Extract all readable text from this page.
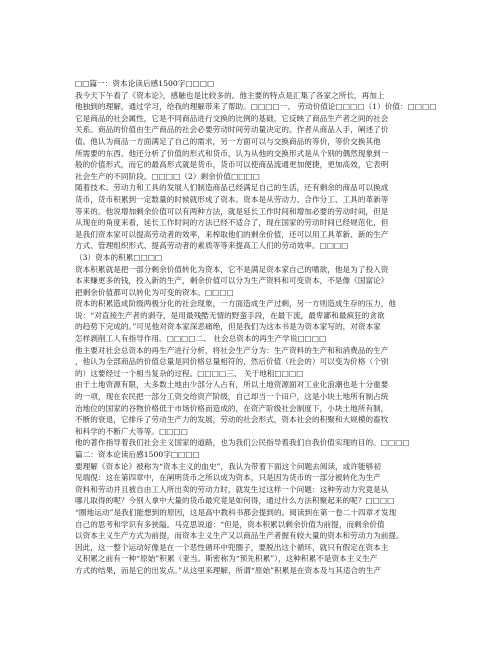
□□篇一：资本论读后感1500字□□□□
我今天下午看了《资本论》，感触也是比较多的。他主要的特点是汇集了各家之所长，再加上
他独到的理解，通过学习，给我的理解带来了帮助。□□□□一、 劳动价值论□□□□（1）价值：□□□□
它是商品的社会属性，它是不同商品进行交换的比例的基础，它反映了商品生产者之间的社会
关系。商品的价值由生产商品的社会必要劳动时间劳动量决定的。作者从商品入手，阐述了价
值。他认为商品一方面满足了自己的需求，另一方面可以与交换商品的等价，等价交换其他
所需要的东西。他还分析了价值的形式和货币，认为从他的交换形式是从个别的偶然现象到一
般的价值形式，而它的最高形式就是货币，货币可以使商品流通更加便捷，更加高效，它表明
社会生产的不同阶段。□□□□（2）剩余价值□□□□
随着技术、劳动力和工具的发展人们制造商品已经满足自己的生活，还有剩余的商品可以换成
货币，货币积累到一定数量的时候就形成了资本。资本是从劳动力、合作分工、工具的革新等
等来的。他说增加剩余价值可以有两种方法，就是延长工作时间和增加必要的劳动时间，但是
从现在的角度来看，延长工作时间的方法已经不适合了，现在国家的劳动时间已经规范化，但
是我们资本家可以提高劳动者的效率，来榨取他们的剩余价值，还可以用工具革新、新的生产
方式、管理组织形式、提高劳动者的素质等等来提高工人们的劳动效率。□□□□
（3）资本的积累□□□□
资本积累就是把一部分剩余价值转化为资本，它不是满足资本家自己的嗜欲，他是为了投入资
本来赚更多的钱，投入新的生产，剩余价值可以分为生产资料和可变资本，不是像《国富论》
把剩余价值都可以转化为可变的资本。□□□□
资本的积累造成阶级两极分化的社会现象，一方面造成生产过剩，另一方则造成生存的压力，他
说：“对直接生产者的剥夺，是用最残酷无情的野蛮手段，在最下流，最卑鄙和最疯狂的贪欲
的趋势下完成的。”可见他对资本家深恶痛绝，但是我们为这本书是为资本家写的，对资本家
怎样剥削工人有指导作用。□□□□二、 社会总资本的再生产学说□□□□
他主要对社会总资本的再生产进行分析，将社会生产分为：生产资料的生产和和消费品的生产
，他认为全部商品的价值总量是同价格总量相符的，然后价值（社会的）可以变为价格（个别
的）这要经过一个相当复杂的过程。□□□□三、 关于地租□□□□
由于土地资源有限，大多数土地由少部分人占有，所以土地资源面对工业化浪潮也是十分重要
的一项，现在农民把一部分工资交给资产阶级，自己却当一个田户，这是小块土地所有制占统
治地位的国家的谷物价格低于市场价格而造成的，在资产阶级社会制度下，小块土地所有制，
不断的衰退，它排斥了劳动生产力的发展，劳动的社会形式，资本社会的积聚和大规模的畜牧
和科学的不断广大等等。□□□□
他的著作指导着我们社会主义国家的道路，也为我们公民指导着我们自我价值实现的目的。□□□□
篇二：资本论读后感1500字□□□□
要理解《资本论》被称为“资本主义的血史”，我认为带着下面这个问题去阅读，或许能够初
见端倪：这在第四章中，在阐明货币之所以成为资本，只是因为货币的一部分被转化为生产
资料和劳动并且被自由工人所出卖的劳动力时，就发生过这样一个问题：这种劳动力究竟是从
哪儿取得的呢？今别人拿中大量的货币最究竟是如何得，通过什么方法积聚起来的呢？□□□□
“圈地运动”是我们能想到的原因，这是高中教科书都会提到的。阅读到在第一卷二十四章才发现
自己的思考和学识有多狭隘。马克思说道：“但是，资本积累以剩余价值为前提，而剩余价值
以资本主义生产方式为前提，而资本主义生产又以商品生产者握有较大量的资本和劳动力为前提。
因此，这一整个运动好像是在一个恶性循环中兜圈子，要脱出这个循环，就只有假定在资本主
义积累之前有一种“原始”积累（亚当。斯密称为“预先积累”），这种积累不是资本主义生产
方式的结果，而是它的出发点。”从这里来理解，所谓“原始”积累是在资本及与其适合的生产
